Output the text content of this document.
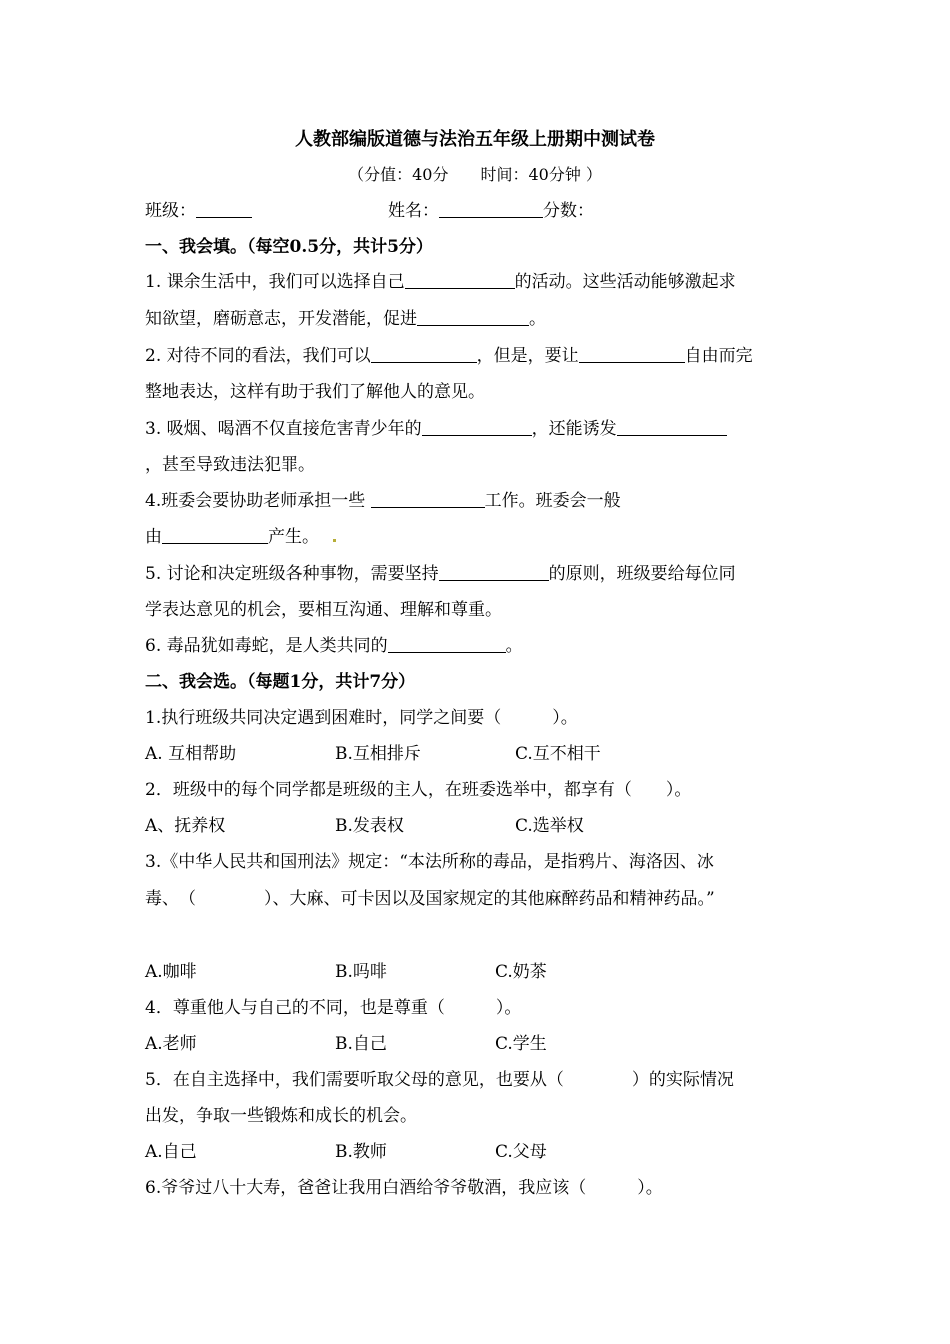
人教部编版道德与法治五年级上册期中测试卷
（分值：40分　　时间：40分钟 ）
班级：	姓名：	分数：
一、我会填。（每空0.5分，共计5分）
1. 课余生活中，我们可以选择自己	的活动。这些活动能够激起求
知欲望，磨砺意志，开发潜能，促进	。
2. 对待不同的看法，我们可以	，但是，要让	自由而完
整地表达，这样有助于我们了解他人的意见。
3. 吸烟、喝酒不仅直接危害青少年的	，还能诱发
，甚至导致违法犯罪。
4.班委会要协助老师承担一些	工作。班委会一般
由	产生。
5. 讨论和决定班级各种事物，需要坚持	的原则，班级要给每位同
学表达意见的机会，要相互沟通、理解和尊重。
6. 毒品犹如毒蛇，是人类共同的	。
二、我会选。（每题1分，共计7分）
1.执行班级共同决定遇到困难时，同学之间要（　　　）。
A. 互相帮助	B.互相排斥	C.互不相干
2．班级中的每个同学都是班级的主人，在班委选举中，都享有（　　）。
A、抚养权	B.发表权	C.选举权
3.《中华人民共和国刑法》规定：“本法所称的毒品，是指鸦片、海洛因、冰
毒、　（　　　　）、大麻、可卡因以及国家规定的其他麻醉药品和精神药品。”
A.咖啡	B.吗啡	C.奶茶
4．尊重他人与自己的不同，也是尊重（　　　）。
A.老师	B.自己	C.学生
5．在自主选择中，我们需要听取父母的意见，也要从（　　　　）的实际情况
出发，争取一些锻炼和成长的机会。
A.自己	B.教师	C.父母
6.爷爷过八十大寿，爸爸让我用白酒给爷爷敬酒，我应该（　　　）。
